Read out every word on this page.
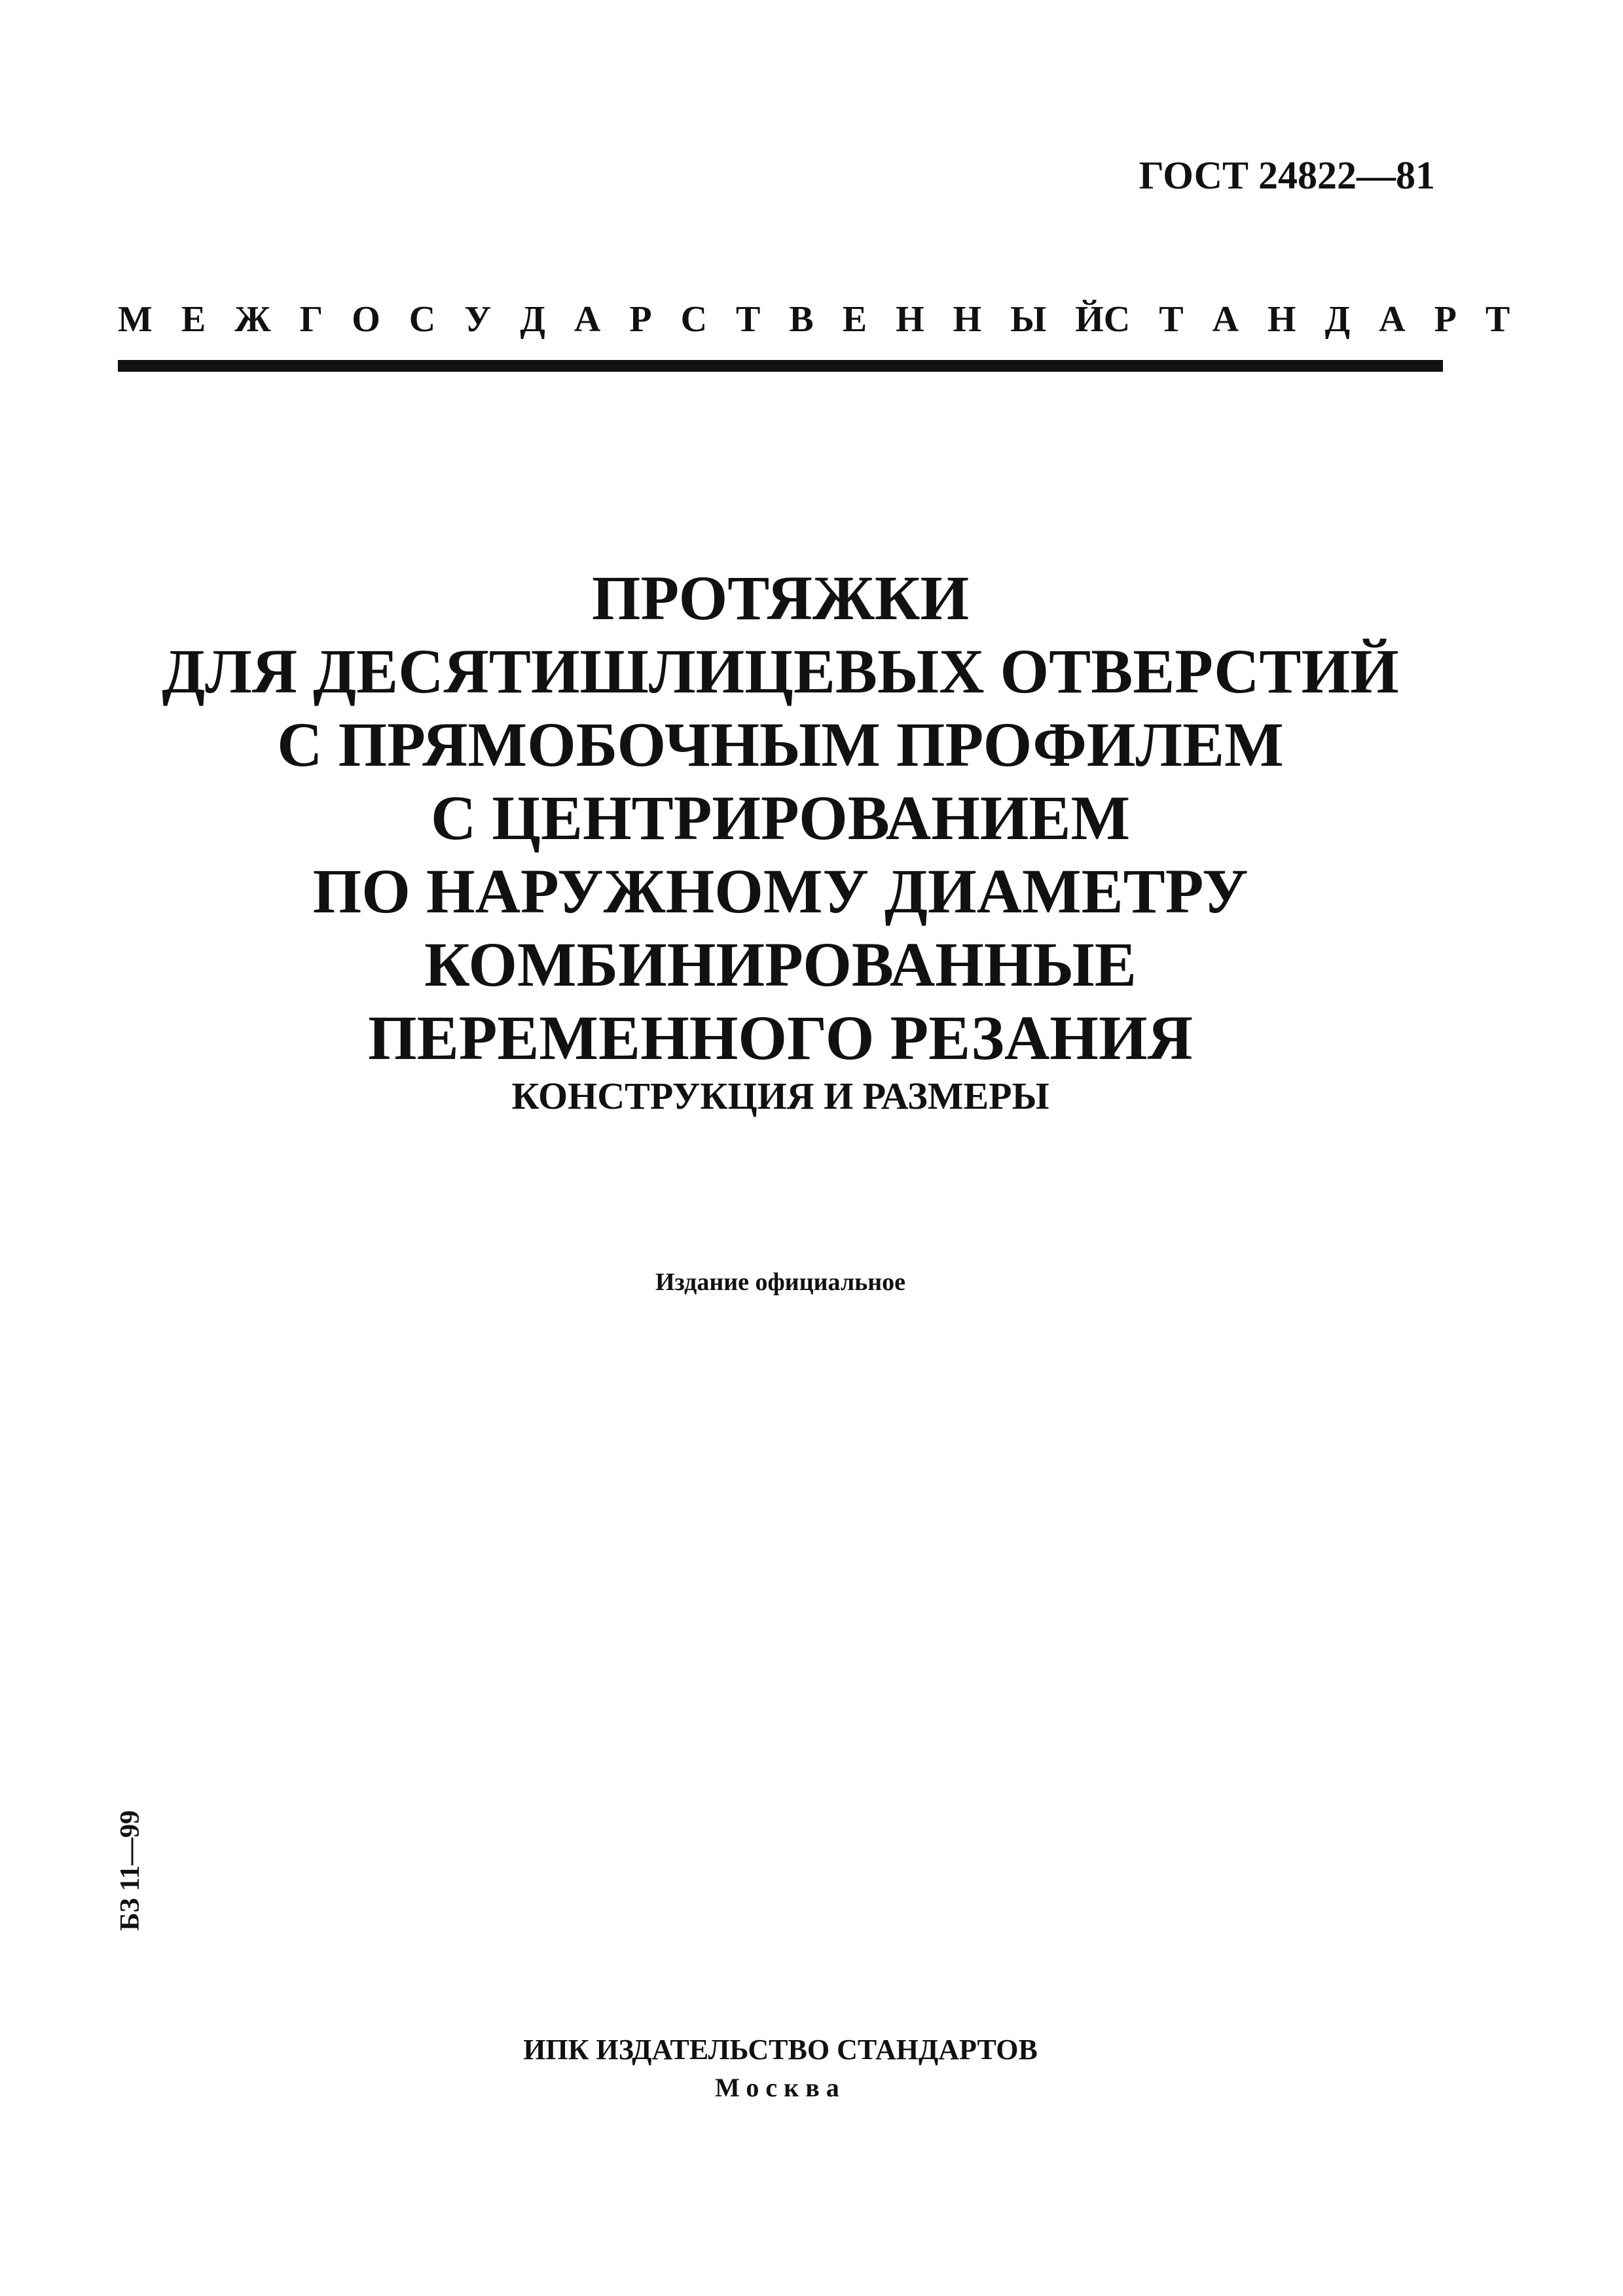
ГОСТ 24822—81
М Е Ж Г О С У Д А Р С Т В Е Н Н Ы Й С Т А Н Д А Р Т
ПРОТЯЖКИ
ДЛЯ ДЕСЯТИШЛИЦЕВЫХ ОТВЕРСТИЙ
С ПРЯМОБОЧНЫМ ПРОФИЛЕМ
С ЦЕНТРИРОВАНИЕМ
ПО НАРУЖНОМУ ДИАМЕТРУ
КОМБИНИРОВАННЫЕ
ПЕРЕМЕННОГО РЕЗАНИЯ
КОНСТРУКЦИЯ И РАЗМЕРЫ
Издание официальное
БЗ 11—99
ИПК ИЗДАТЕЛЬСТВО СТАНДАРТОВ
Москва
